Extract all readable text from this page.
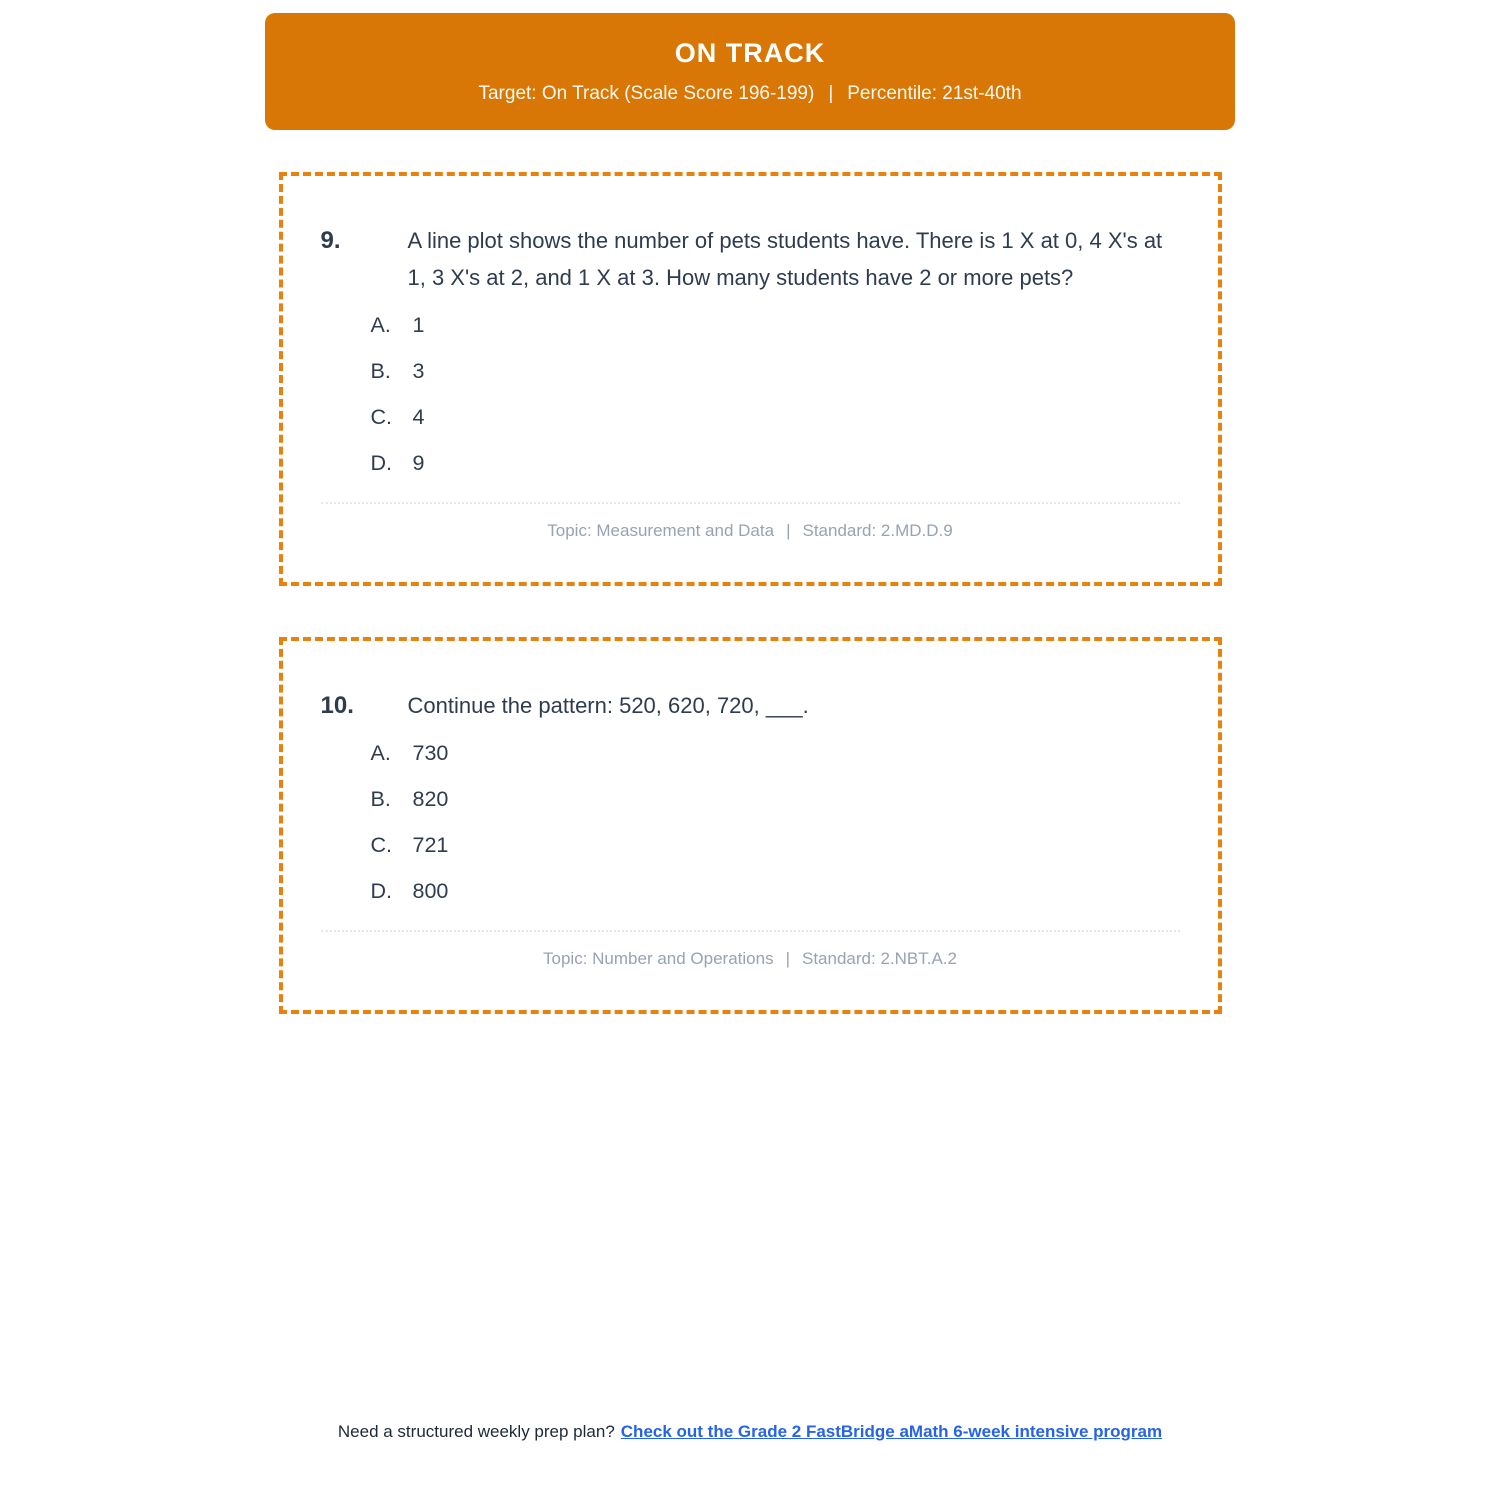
ON TRACK
Target: On Track (Scale Score 196-199) | Percentile: 21st-40th
9.	A line plot shows the number of pets students have. There is 1 X at 0, 4 X's at 1, 3 X's at 2, and 1 X at 3. How many students have 2 or more pets?
A.	1
B.	3
C. 4
D. 9
Topic: Measurement and Data | Standard: 2.MD.D.9
10.	Continue the pattern: 520, 620, 720, ___.
A.	730
B.	820
C. 721
D. 800
Topic: Number and Operations | Standard: 2.NBT.A.2
Need a structured weekly prep plan? Check out the Grade 2 FastBridge aMath 6-week intensive program
